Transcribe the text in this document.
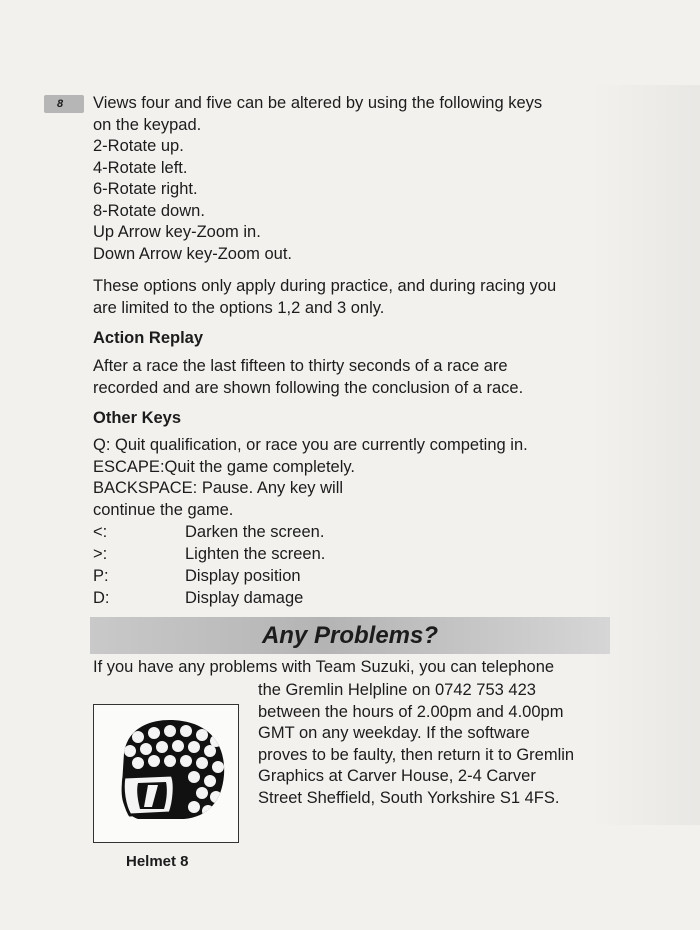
8	Views four and five can be altered by using the following keys
on the keypad.
2-Rotate up.
4-Rotate left.
6-Rotate right.
8-Rotate down.
Up Arrow key-Zoom in.
Down Arrow key-Zoom out.
These options only apply during practice, and during racing you
are limited to the options 1,2 and 3 only.
Action Replay
After a race the last fifteen to thirty seconds of a race are
recorded and are shown following the conclusion of a race.
Other Keys
Q: Quit qualification, or race you are currently competing in.
ESCAPE:Quit the game completely.
BACKSPACE: Pause. Any key will
continue the game.
<:	Darken the screen.
>:	Lighten the screen.
P:	Display position
D:	Display damage
Any Problems?
If you have any problems with Team Suzuki, you can telephone
the Gremlin Helpline on 0742 753 423
between the hours of 2.00pm and 4.00pm
GMT on any weekday. If the software
proves to be faulty, then return it to Gremlin
Graphics at Carver House, 2-4 Carver
Street Sheffield, South Yorkshire S1 4FS.
Helmet 8
